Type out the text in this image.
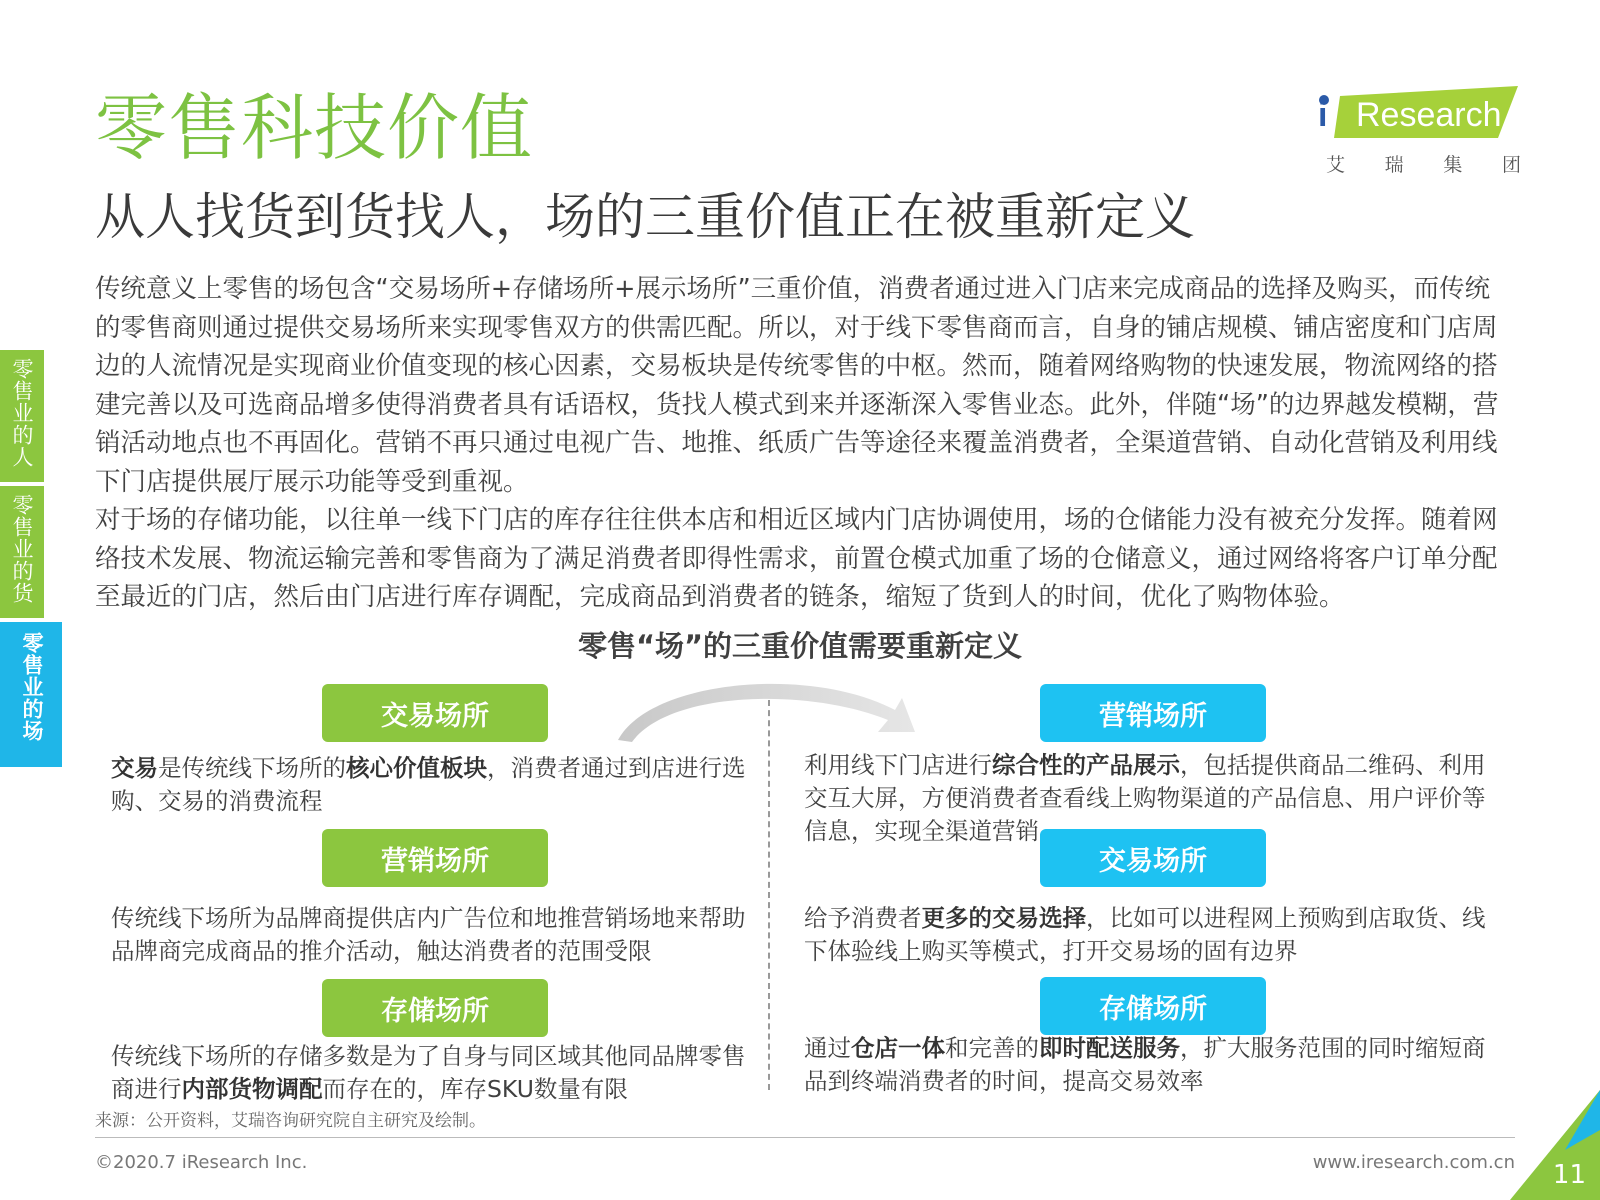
零售科技价值
从人找货到货找人，场的三重价值正在被重新定义
i Research
艾 瑞 集 团
零售业的人
零售业的货
零售业的场

传统意义上零售的场包含“交易场所+存储场所+展示场所”三重价值，消费者通过进入门店来完成商品的选择及购买，而传统的零售商则通过提供交易场所来实现零售双方的供需匹配。所以，对于线下零售商而言，自身的铺店规模、铺店密度和门店周边的人流情况是实现商业价值变现的核心因素，交易板块是传统零售的中枢。然而，随着网络购物的快速发展，物流网络的搭建完善以及可选商品增多使得消费者具有话语权，货找人模式到来并逐渐深入零售业态。此外，伴随“场”的边界越发模糊，营销活动地点也不再固化。营销不再只通过电视广告、地推、纸质广告等途径来覆盖消费者，全渠道营销、自动化营销及利用线下门店提供展厅展示功能等受到重视。

对于场的存储功能，以往单一线下门店的库存往往供本店和相近区域内门店协调使用，场的仓储能力没有被充分发挥。随着网络技术发展、物流运输完善和零售商为了满足消费者即得性需求，前置仓模式加重了场的仓储意义，通过网络将客户订单分配至最近的门店，然后由门店进行库存调配，完成商品到消费者的链条，缩短了货到人的时间，优化了购物体验。

零售“场”的三重价值需要重新定义
交易场所
交易是传统线下场所的核心价值板块，消费者通过到店进行选购、交易的消费流程
营销场所
传统线下场所为品牌商提供店内广告位和地推营销场地来帮助品牌商完成商品的推介活动，触达消费者的范围受限
存储场所
传统线下场所的存储多数是为了自身与同区域其他同品牌零售商进行内部货物调配而存在的，库存SKU数量有限
营销场所
利用线下门店进行综合性的产品展示，包括提供商品二维码、利用交互大屏，方便消费者查看线上购物渠道的产品信息、用户评价等信息，实现全渠道营销
交易场所
给予消费者更多的交易选择，比如可以进程网上预购到店取货、线下体验线上购买等模式，打开交易场的固有边界
存储场所
通过仓店一体和完善的即时配送服务，扩大服务范围的同时缩短商品到终端消费者的时间，提高交易效率
来源：公开资料，艾瑞咨询研究院自主研究及绘制。
©2020.7 iResearch Inc.	www.iresearch.com.cn 11
